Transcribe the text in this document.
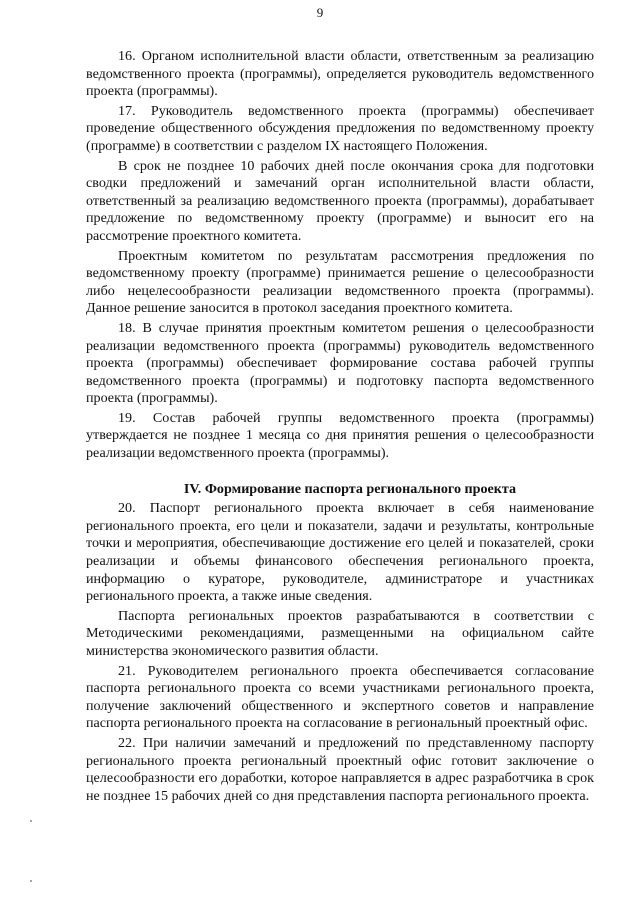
9

16. Органом исполнительной власти области, ответственным за реализацию ведомственного проекта (программы), определяется руководитель ведомственного проекта (программы).

17. Руководитель ведомственного проекта (программы) обеспечивает проведение общественного обсуждения предложения по ведомственному проекту (программе) в соответствии с разделом IX настоящего Положения.

В срок не позднее 10 рабочих дней после окончания срока для подготовки сводки предложений и замечаний орган исполнительной власти области, ответственный за реализацию ведомственного проекта (программы), дорабатывает предложение по ведомственному проекту (программе) и выносит его на рассмотрение проектного комитета.

Проектным комитетом по результатам рассмотрения предложения по ведомственному проекту (программе) принимается решение о целесообразности либо нецелесообразности реализации ведомственного проекта (программы). Данное решение заносится в протокол заседания проектного комитета.

18. В случае принятия проектным комитетом решения о целесообразности реализации ведомственного проекта (программы) руководитель ведомственного проекта (программы) обеспечивает формирование состава рабочей группы ведомственного проекта (программы) и подготовку паспорта ведомственного проекта (программы).

19. Состав рабочей группы ведомственного проекта (программы) утверждается не позднее 1 месяца со дня принятия решения о целесообразности реализации ведомственного проекта (программы).

IV. Формирование паспорта регионального проекта

20. Паспорт регионального проекта включает в себя наименование регионального проекта, его цели и показатели, задачи и результаты, контрольные точки и мероприятия, обеспечивающие достижение его целей и показателей, сроки реализации и объемы финансового обеспечения регионального проекта, информацию о кураторе, руководителе, администраторе и участниках регионального проекта, а также иные сведения.

Паспорта региональных проектов разрабатываются в соответствии с Методическими рекомендациями, размещенными на официальном сайте министерства экономического развития области.

21. Руководителем регионального проекта обеспечивается согласование паспорта регионального проекта со всеми участниками регионального проекта, получение заключений общественного и экспертного советов и направление паспорта регионального проекта на согласование в региональный проектный офис.

22. При наличии замечаний и предложений по представленному паспорту регионального проекта региональный проектный офис готовит заключение о целесообразности его доработки, которое направляется в адрес разработчика в срок не позднее 15 рабочих дней со дня представления паспорта регионального проекта.
